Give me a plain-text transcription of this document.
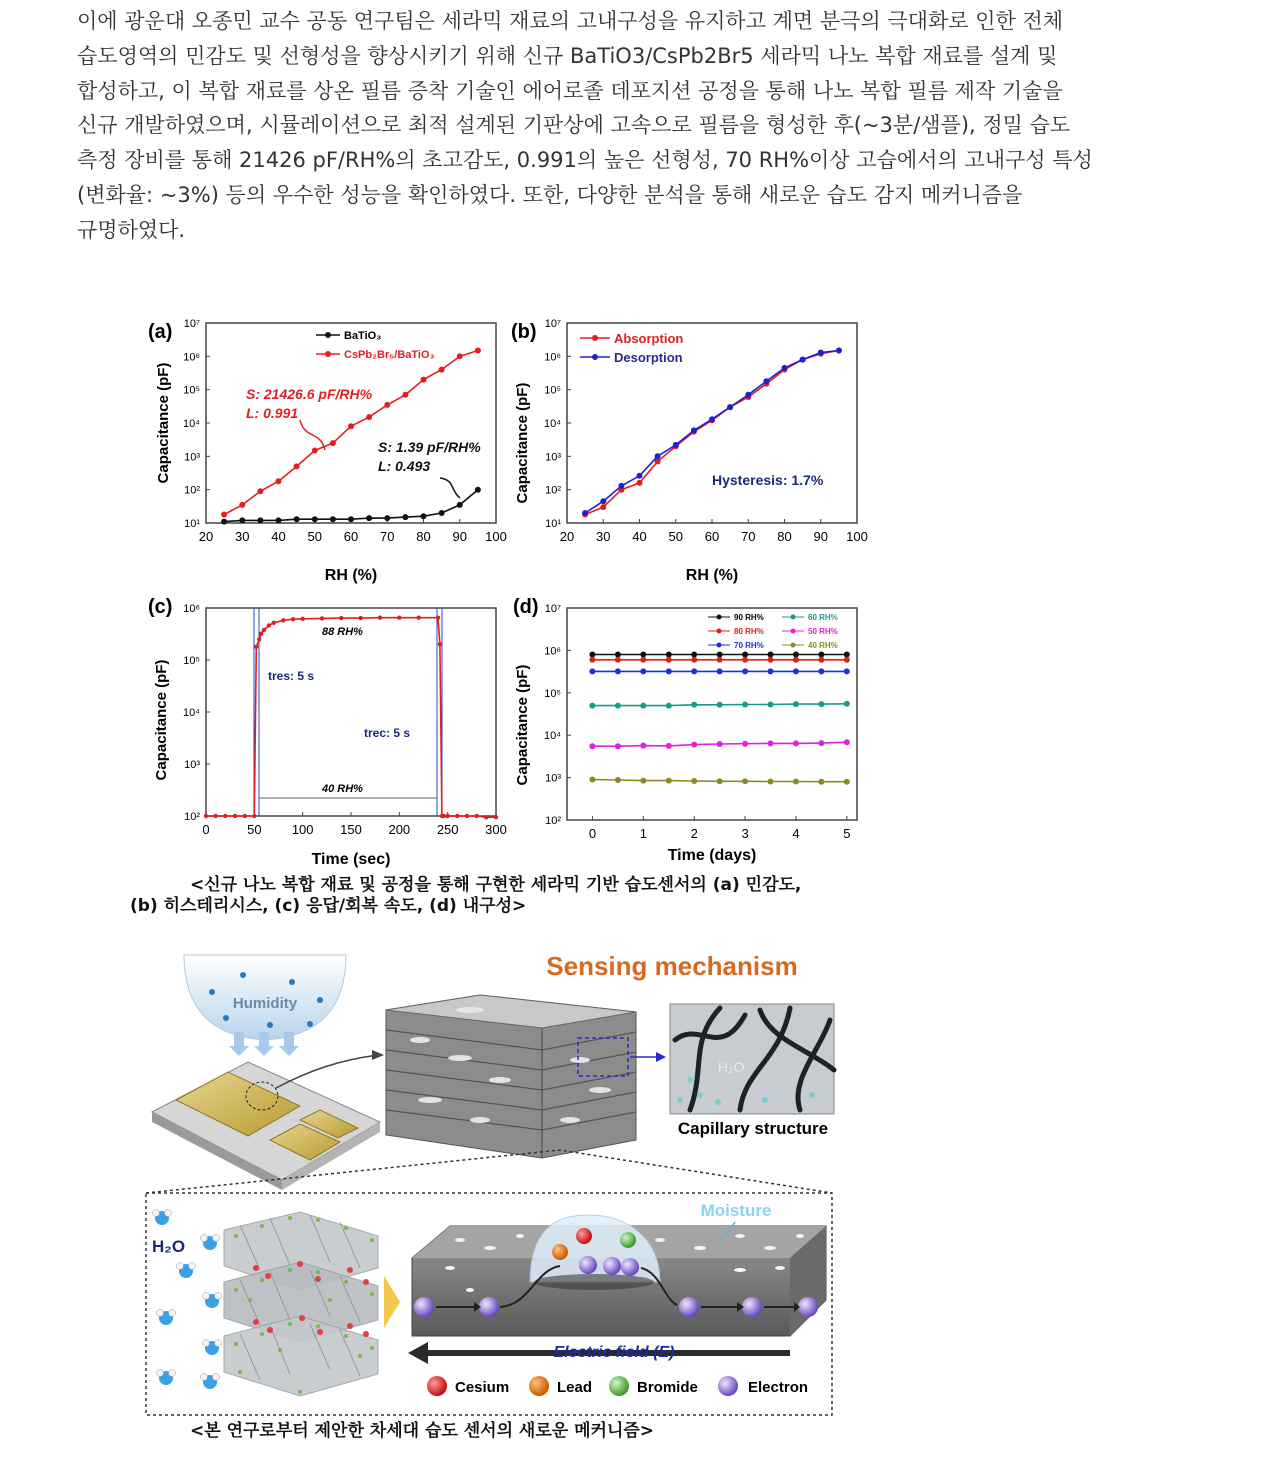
이에 광운대 오종민 교수 공동 연구팀은 세라믹 재료의 고내구성을 유지하고 계면 분극의 극대화로 인한 전체
습도영역의 민감도 및 선형성을 향상시키기 위해 신규 BaTiO3/CsPb2Br5 세라믹 나노 복합 재료를 설계 및
합성하고, 이 복합 재료를 상온 필름 증착 기술인 에어로졸 데포지션 공정을 통해 나노 복합 필름 제작 기술을
신규 개발하였으며, 시뮬레이션으로 최적 설계된 기판상에 고속으로 필름을 형성한 후(~3분/샘플), 정밀 습도
측정 장비를 통해 21426 pF/RH%의 초고감도, 0.991의 높은 선형성, 70 RH%이상 고습에서의 고내구성 특성
(변화율: ~3%) 등의 우수한 성능을 확인하였다. 또한, 다양한 분석을 통해 새로운 습도 감지 메커니즘을
규명하였다.
(a)
Capacitance (pF)
RH (%)
20 30 40 50 60 70 80 90 100
10¹
10²
10³
10⁴
10⁵
10⁶
10⁷
BaTiO₃
CsPb₂Br₅/BaTiO₃
S: 21426.6 pF/RH%
L: 0.991
S: 1.39 pF/RH%
L: 0.493
(b)
Capacitance (pF)
RH (%)
20 30 40 50 60 70 80 90 100
10¹
10²
10³
10⁴
10⁵
10⁶
10⁷
Absorption
Desorption
Hysteresis: 1.7%
(c)
Capacitance (pF)
Time (sec)
0	50 100 150 200 250 300
10²
10³
10⁴
10⁵
10⁶
88 RH%
40 RH%
tres: 5 s
trec: 5 s
(d)
Capacitance (pF)
Time (days)
0	1	2	3	4	5
10²
10³
10⁴
10⁵
10⁶
10⁷
90 RH%
80 RH%
70 RH%
60 RH%
50 RH%
40 RH%
<신규 나노 복합 재료 및 공정을 통해 구현한 세라믹 기반 습도센서의 (a) 민감도,
(b) 히스테리시스, (c) 응답/회복 속도, (d) 내구성>
Sensing mechanism
Humidity
H₂O
Capillary structure
H₂O
Moisture
Electric field (E)
Cesium	Lead	Bromide	Electron
<본 연구로부터 제안한 차세대 습도 센서의 새로운 메커니즘>
